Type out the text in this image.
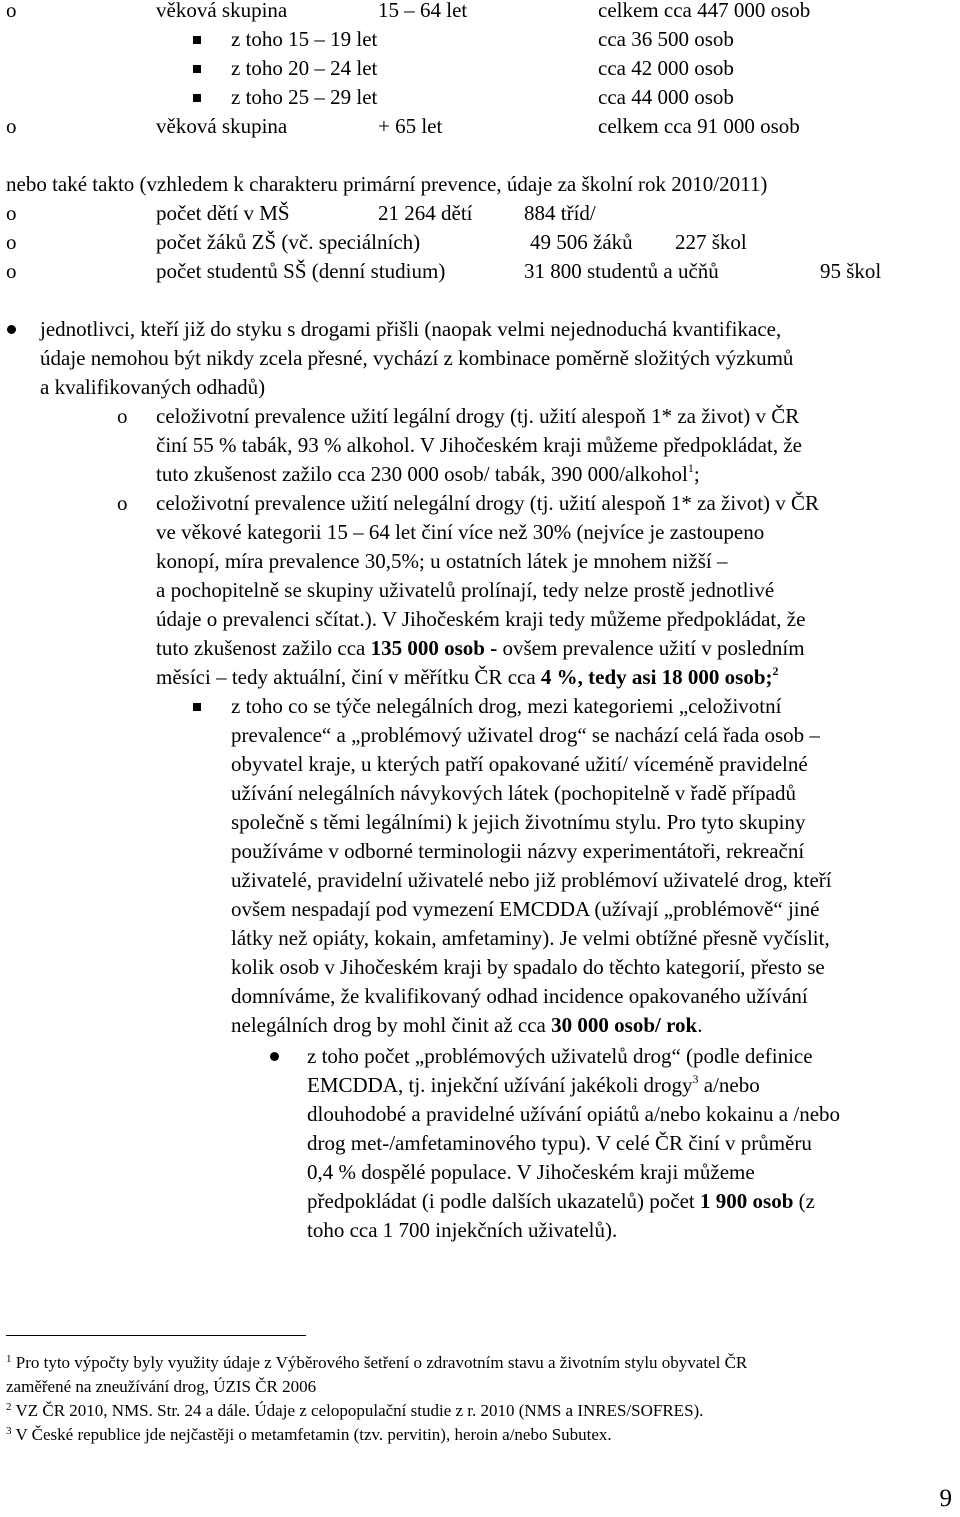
o	věková skupina	15 – 64 let	celkem cca 447 000 osob
z toho 15 – 19 let	cca 36 500 osob
z toho 20 – 24 let	cca 42 000 osob
z toho 25 – 29 let	cca 44 000 osob
o	věková skupina	+ 65 let	celkem cca 91 000 osob
nebo také takto (vzhledem k charakteru primární prevence, údaje za školní rok 2010/2011)
o	počet dětí v MŠ	21 264 dětí 884 tříd/
o	počet žáků ZŠ (vč. speciálních)	49 506 žáků 227 škol
o	počet studentů SŠ (denní studium)	31 800 studentů a učňů	95 škol
jednotlivci, kteří již do styku s drogami přišli (naopak velmi nejednoduchá kvantifikace,
údaje nemohou být nikdy zcela přesné, vychází z kombinace poměrně složitých výzkumů
a kvalifikovaných odhadů)
o celoživotní prevalence užití legální drogy (tj. užití alespoň 1* za život) v ČR
činí 55 % tabák, 93 % alkohol. V Jihočeském kraji můžeme předpokládat, že
tuto zkušenost zažilo cca 230 000 osob/ tabák, 390 000/alkohol$^1$;
o celoživotní prevalence užití nelegální drogy (tj. užití alespoň 1* za život) v ČR
ve věkové kategorii 15 – 64 let činí více než 30% (nejvíce je zastoupeno
konopí, míra prevalence 30,5%; u ostatních látek je mnohem nižší –
a pochopitelně se skupiny uživatelů prolínají, tedy nelze prostě jednotlivé
údaje o prevalenci sčítat.). V Jihočeském kraji tedy můžeme předpokládat, že
tuto zkušenost zažilo cca 135 000 osob - ovšem prevalence užití v posledním
měsíci – tedy aktuální, činí v měřítku ČR cca 4 %, tedy asi 18 000 osob;$^2$
z toho co se týče nelegálních drog, mezi kategoriemi „celoživotní
prevalence“ a „problémový uživatel drog“ se nachází celá řada osob –
obyvatel kraje, u kterých patří opakované užití/ víceméně pravidelné
užívání nelegálních návykových látek (pochopitelně v řadě případů
společně s těmi legálními) k jejich životnímu stylu. Pro tyto skupiny
používáme v odborné terminologii názvy experimentátoři, rekreační
uživatelé, pravidelní uživatelé nebo již problémoví uživatelé drog, kteří
ovšem nespadají pod vymezení EMCDDA (užívají „problémově“ jiné
látky než opiáty, kokain, amfetaminy). Je velmi obtížné přesně vyčíslit,
kolik osob v Jihočeském kraji by spadalo do těchto kategorií, přesto se
domníváme, že kvalifikovaný odhad incidence opakovaného užívání
nelegálních drog by mohl činit až cca 30 000 osob/ rok.
z toho počet „problémových uživatelů drog“ (podle definice
EMCDDA, tj. injekční užívání jakékoli drogy$^3$ a/nebo
dlouhodobé a pravidelné užívání opiátů a/nebo kokainu a /nebo
drog met-/amfetaminového typu). V celé ČR činí v průměru
0,4 % dospělé populace. V Jihočeském kraji můžeme
předpokládat (i podle dalších ukazatelů) počet 1 900 osob (z
toho cca 1 700 injekčních uživatelů).
$^1$ Pro tyto výpočty byly využity údaje z Výběrového šetření o zdravotním stavu a životním stylu obyvatel ČR
zaměřené na zneužívání drog, ÚZIS ČR 2006
$^2$ VZ ČR 2010, NMS. Str. 24 a dále. Údaje z celopopulační studie z r. 2010 (NMS a INRES/SOFRES).
$^3$ V České republice jde nejčastěji o metamfetamin (tzv. pervitin), heroin a/nebo Subutex.
9
